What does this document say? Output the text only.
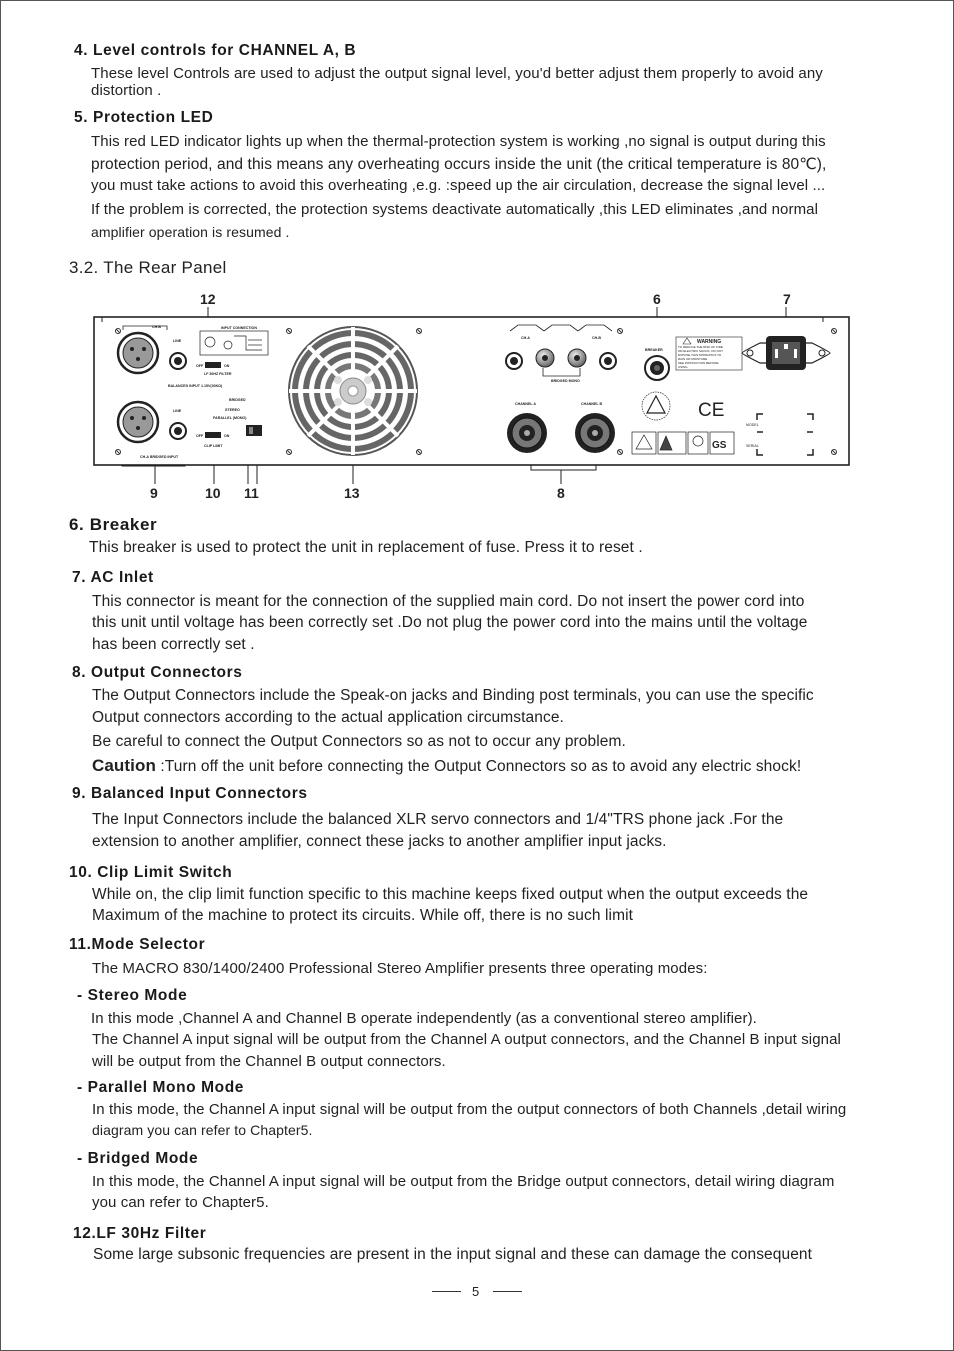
4. Level controls for CHANNEL A, B
These level Controls are used to adjust the output signal level, you'd better adjust them properly to avoid any
distortion .
5. Protection LED
This red LED indicator lights up when the thermal-protection system is working ,no signal is output during this
protection period, and this means any overheating occurs inside the unit (the critical temperature is 80℃),
you must take actions to avoid this overheating ,e.g. :speed up the air circulation, decrease the signal level ...
If the problem is corrected, the protection systems deactivate automatically ,this LED eliminates ,and normal
amplifier operation is resumed .
3.2. The Rear Panel
12	6	7
9	10 11	13	8
CH-B
LINE
BALANCED INPUT
LINE
CH-A BRIDGED INPUT
INPUT CONNECTION
OFF	ON
LF 30HZ FILTER
1.15V(30KΩ)
BRIDGED
STEREO
PARALLEL (MONO)
OFF	ON
CLIP LIMIT
CH-A	CH-B
BRIDGED MONO
CHANNEL A	CHANNEL B
BREAKER
WARNING
TO REDUCE THE RISK OF FIRE
OR ELECTRIC SHOCK, DO NOT
EXPOSE THIS APPARATUS TO
RAIN OR MOISTURE.
SEE INSTRUCTION BEFORE
USING.
CE
GS
MODEL
SERIAL
6. Breaker
This breaker is used to protect the unit in replacement of fuse. Press it to reset .
7. AC Inlet
This connector is meant for the connection of the supplied main cord. Do not insert the power cord into
this unit until voltage has been correctly set .Do not plug the power cord into the mains until the voltage
has been correctly set .
8. Output Connectors
The Output Connectors include the Speak-on jacks and Binding post terminals, you can use the specific
Output connectors according to the actual application circumstance.
Be careful to connect the Output Connectors so as not to occur any problem.
Caution :Turn off the unit before connecting the Output Connectors so as to avoid any electric shock!
9. Balanced Input Connectors
The Input Connectors include the balanced XLR servo connectors and 1/4"TRS phone jack .For the
extension to another amplifier, connect these jacks to another amplifier input jacks.
10. Clip Limit Switch
While on, the clip limit function specific to this machine keeps fixed output when the output exceeds the
Maximum of the machine to protect its circuits. While off, there is no such limit
11.Mode Selector
The MACRO 830/1400/2400 Professional Stereo Amplifier presents three operating modes:
- Stereo Mode
In this mode ,Channel A and Channel B operate independently (as a conventional stereo amplifier).
The Channel A input signal will be output from the Channel A output connectors, and the Channel B input signal
will be output from the Channel B output connectors.
- Parallel Mono Mode
In this mode, the Channel A input signal will be output from the output connectors of both Channels ,detail wiring
diagram you can refer to Chapter5.
- Bridged Mode
In this mode, the Channel A input signal will be output from the Bridge output connectors, detail wiring diagram
you can refer to Chapter5.
12.LF 30Hz Filter
Some large subsonic frequencies are present in the input signal and these can damage the consequent
5
